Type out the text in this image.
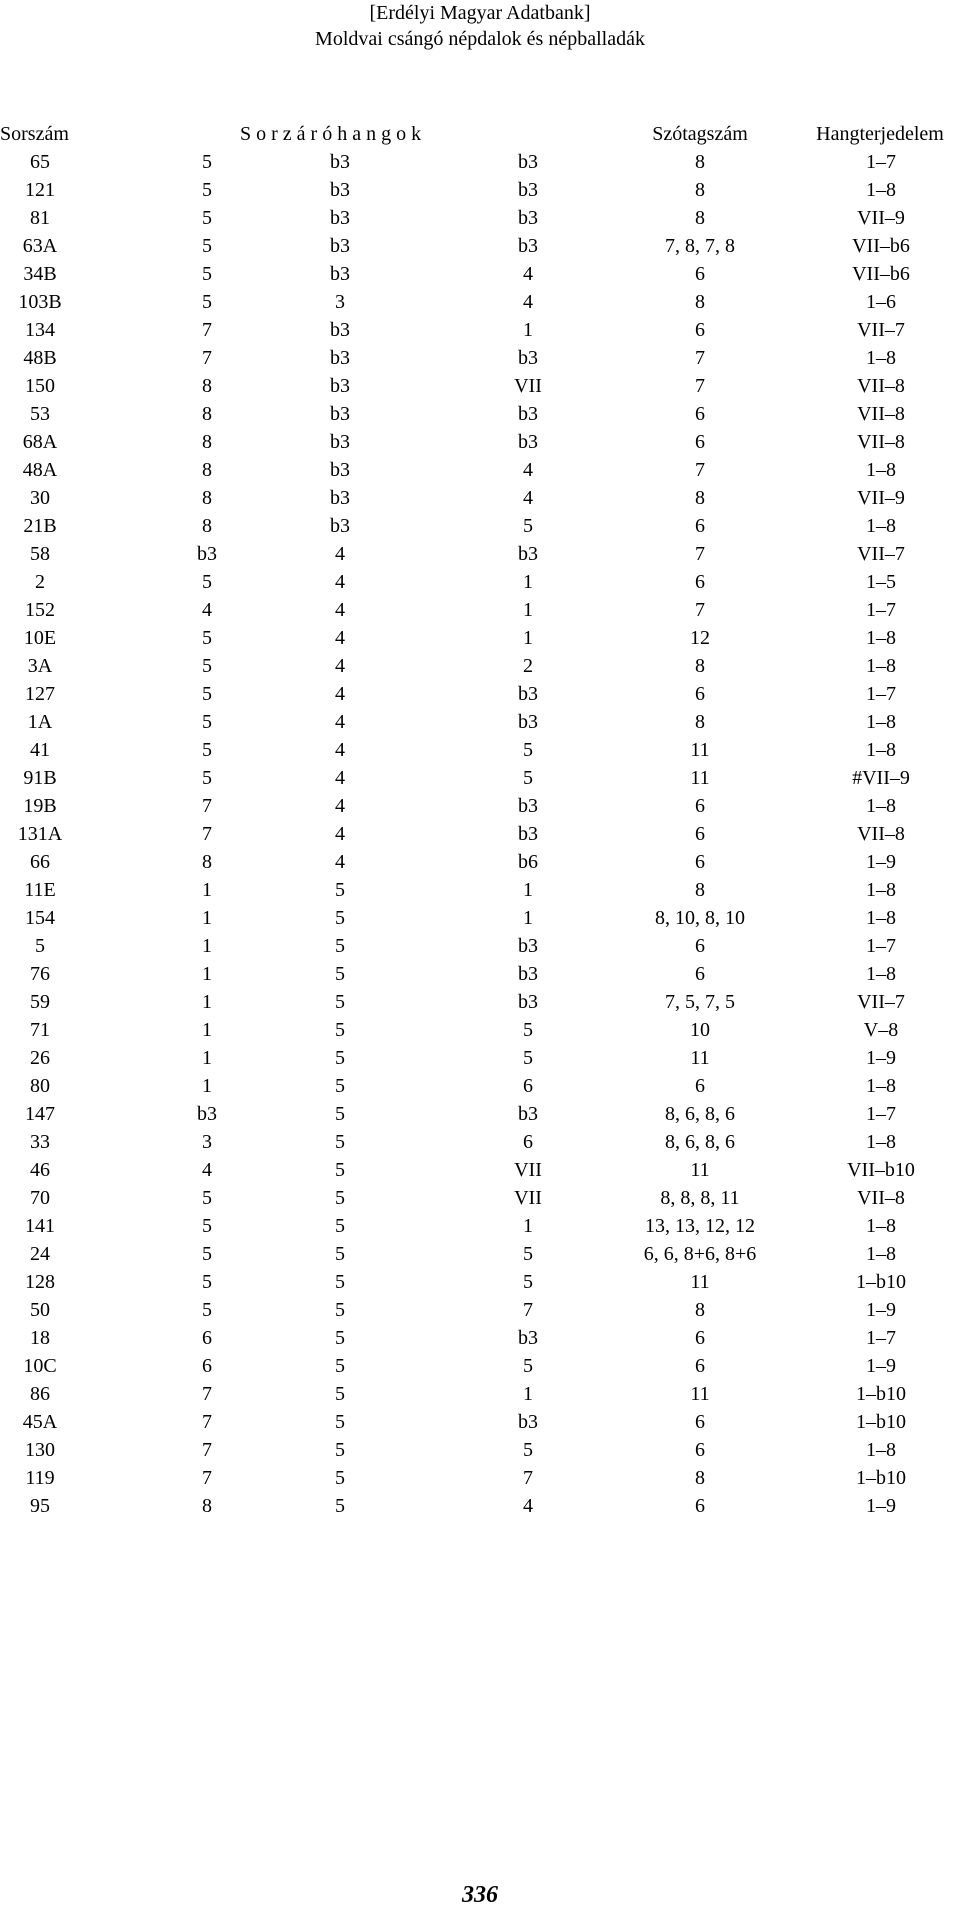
[Erdélyi Magyar Adatbank]
Moldvai csángó népdalok és népballadák
Sorszám	S o r z á r ó h a n g o k	Szótagszám	Hangterjedelem
65	5	b3	b3	8	1–7
121	5	b3	b3	8	1–8
81	5	b3	b3	8	VII–9
63A	5	b3	b3	7, 8, 7, 8	VII–b6
34B	5	b3	4	6	VII–b6
103B	5	3	4	8	1–6
134	7	b3	1	6	VII–7
48B	7	b3	b3	7	1–8
150	8	b3	VII	7	VII–8
53	8	b3	b3	6	VII–8
68A	8	b3	b3	6	VII–8
48A	8	b3	4	7	1–8
30	8	b3	4	8	VII–9
21B	8	b3	5	6	1–8
58	b3	4	b3	7	VII–7
2	5	4	1	6	1–5
152	4	4	1	7	1–7
10E	5	4	1	12	1–8
3A	5	4	2	8	1–8
127	5	4	b3	6	1–7
1A	5	4	b3	8	1–8
41	5	4	5	11	1–8
91B	5	4	5	11	#VII–9
19B	7	4	b3	6	1–8
131A	7	4	b3	6	VII–8
66	8	4	b6	6	1–9
11E	1	5	1	8	1–8
154	1	5	1	8, 10, 8, 10	1–8
5	1	5	b3	6	1–7
76	1	5	b3	6	1–8
59	1	5	b3	7, 5, 7, 5	VII–7
71	1	5	5	10	V–8
26	1	5	5	11	1–9
80	1	5	6	6	1–8
147	b3	5	b3	8, 6, 8, 6	1–7
33	3	5	6	8, 6, 8, 6	1–8
46	4	5	VII	11	VII–b10
70	5	5	VII	8, 8, 8, 11	VII–8
141	5	5	1	13, 13, 12, 12	1–8
24	5	5	5	6, 6, 8+6, 8+6	1–8
128	5	5	5	11	1–b10
50	5	5	7	8	1–9
18	6	5	b3	6	1–7
10C	6	5	5	6	1–9
86	7	5	1	11	1–b10
45A	7	5	b3	6	1–b10
130	7	5	5	6	1–8
119	7	5	7	8	1–b10
95	8	5	4	6	1–9
336
